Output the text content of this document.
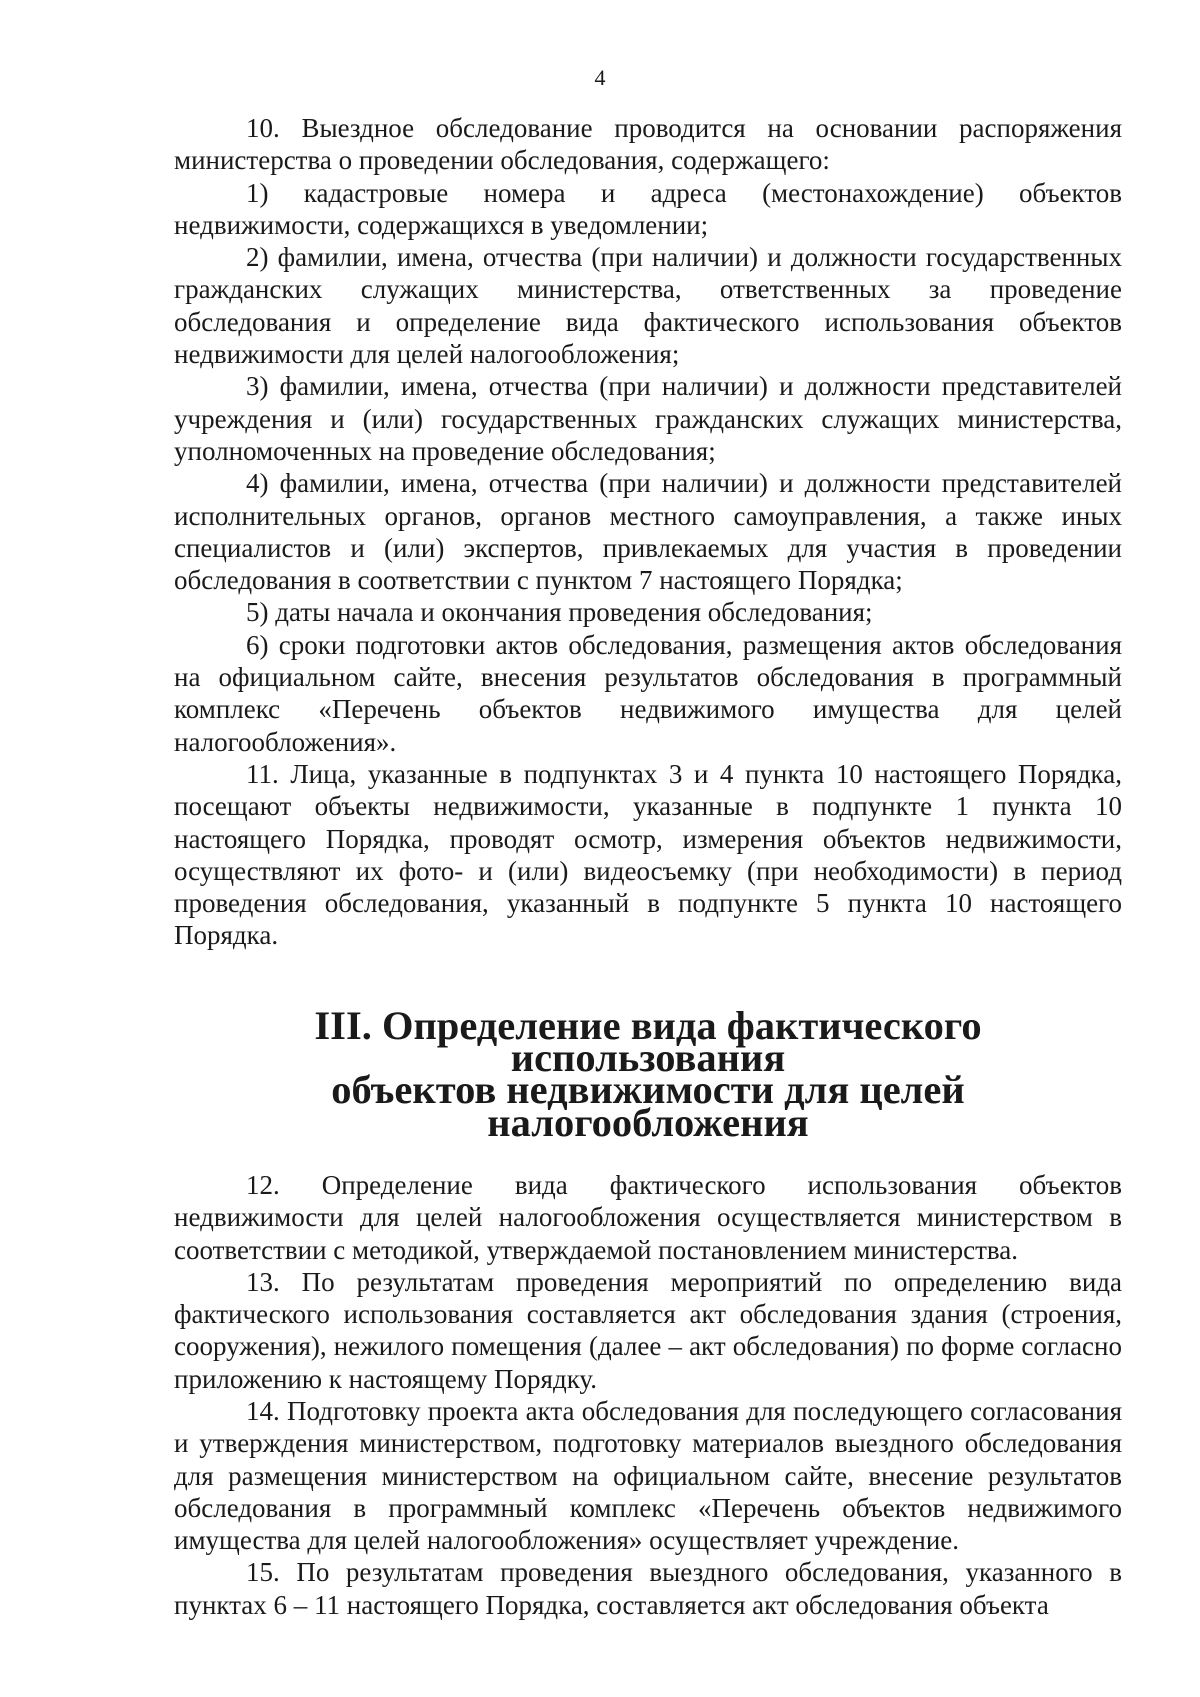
4

10. Выездное обследование проводится на основании распоряжения министерства о проведении обследования, содержащего:

1) кадастровые номера и адреса (местонахождение) объектов недвижимости, содержащихся в уведомлении;

2) фамилии, имена, отчества (при наличии) и должности государственных гражданских служащих министерства, ответственных за проведение обследования и определение вида фактического использования объектов недвижимости для целей налогообложения;

3) фамилии, имена, отчества (при наличии) и должности представителей учреждения и (или) государственных гражданских служащих министерства, уполномоченных на проведение обследования;

4) фамилии, имена, отчества (при наличии) и должности представителей исполнительных органов, органов местного самоуправления, а также иных специалистов и (или) экспертов, привлекаемых для участия в проведении обследования в соответствии с пунктом 7 настоящего Порядка;

5) даты начала и окончания проведения обследования;

6) сроки подготовки актов обследования, размещения актов обследования на официальном сайте, внесения результатов обследования в программный комплекс «Перечень объектов недвижимого имущества для целей налогообложения».

11. Лица, указанные в подпунктах 3 и 4 пункта 10 настоящего Порядка, посещают объекты недвижимости, указанные в подпункте 1 пункта 10 настоящего Порядка, проводят осмотр, измерения объектов недвижимости, осуществляют их фото- и (или) видеосъемку (при необходимости) в период проведения обследования, указанный в подпункте 5 пункта 10 настоящего Порядка.

III. Определение вида фактического использования
объектов недвижимости для целей налогообложения

12. Определение вида фактического использования объектов недвижимости для целей налогообложения осуществляется министерством в соответствии с методикой, утверждаемой постановлением министерства.

13. По результатам проведения мероприятий по определению вида фактического использования составляется акт обследования здания (строения, сооружения), нежилого помещения (далее – акт обследования) по форме согласно приложению к настоящему Порядку.

14. Подготовку проекта акта обследования для последующего согласования и утверждения министерством, подготовку материалов выездного обследования для размещения министерством на официальном сайте, внесение результатов обследования в программный комплекс «Перечень объектов недвижимого имущества для целей налогообложения» осуществляет учреждение.

15. По результатам проведения выездного обследования, указанного в пунктах 6 – 11 настоящего Порядка, составляется акт обследования объекта
